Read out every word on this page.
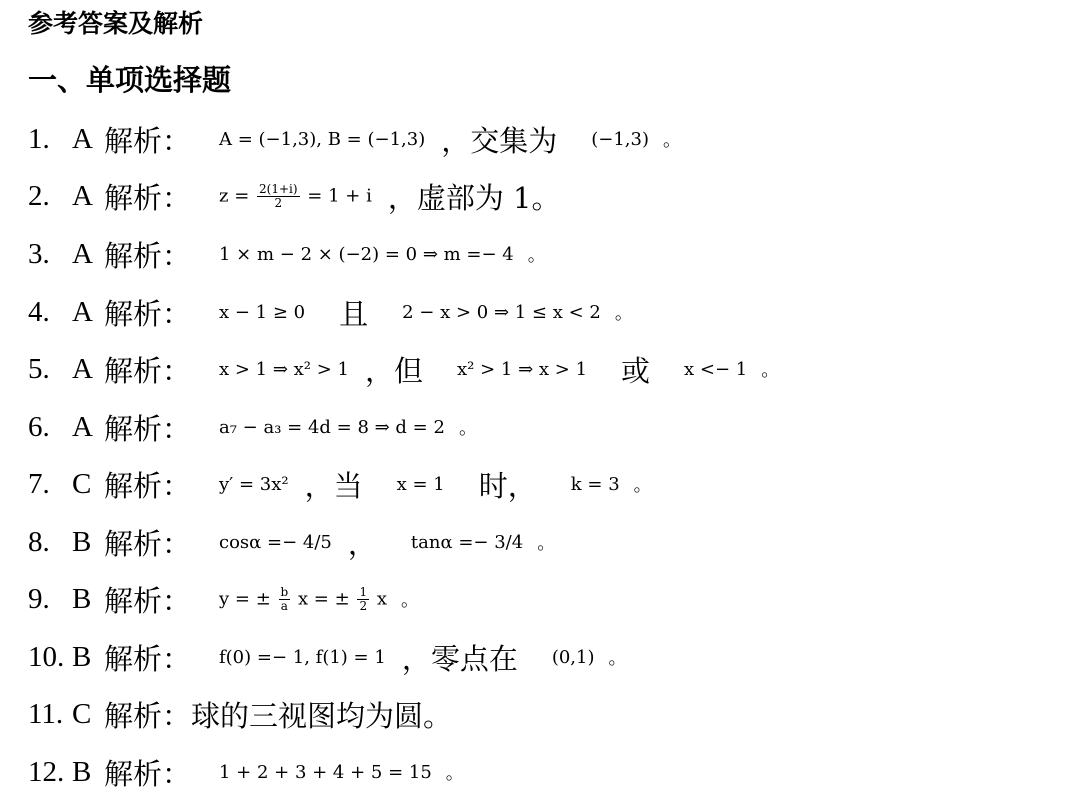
参考答案及解析
一、单项选择题
1. A 解析：	A = (−1,3), B = (−1,3) ，交集为 (−1,3) 。
2. A 解析：	$z = \frac{2(1+i)}{2} = 1 + i$ ，虚部为 1。
3. A 解析：	1 × m − 2 × (−2) = 0 ⇒ m =− 4 。
4. A 解析：	x − 1 ≥ 0 且 2 − x > 0 ⇒ 1 ≤ x < 2 。
5. A 解析：	x > 1 ⇒ x² > 1 ，但 x² > 1 ⇒ x > 1 或 x <− 1 。
6. A 解析：	a₇ − a₃ = 4d = 8 ⇒ d = 2 。
7. C 解析：	y′ = 3x² ，当 x = 1 时， k = 3 。
8. B 解析：	cosα =− 4/5 ， tanα =− 3/4 。
9. B 解析：	y = ± $\frac{b}{a}$ x = ± $\frac{1}{2}$ x 。
10. B 解析：	f(0) =− 1, f(1) = 1 ，零点在 (0,1) 。
11. C 解析：球的三视图均为圆。
12. B 解析：	1 + 2 + 3 + 4 + 5 = 15 。
